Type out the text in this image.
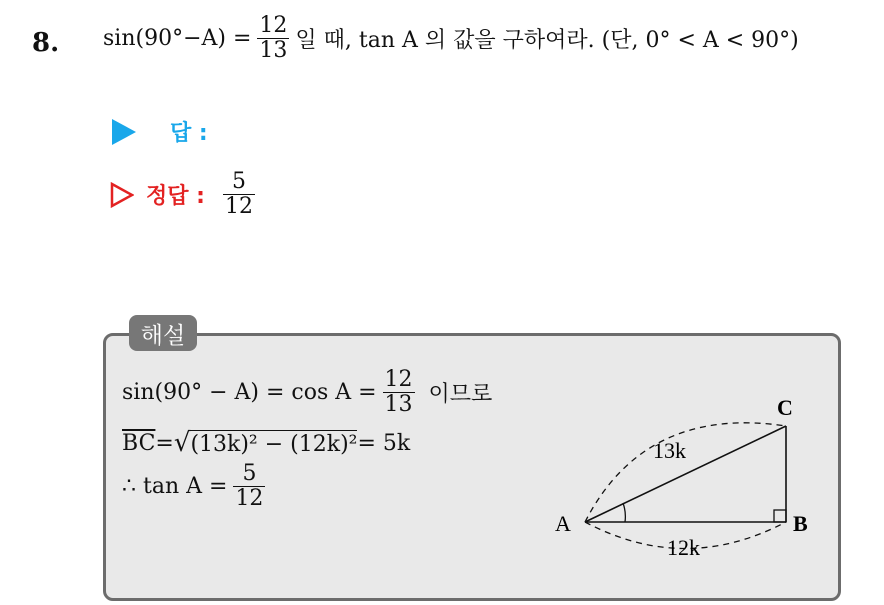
8. $\sin(90^\circ-A) = \frac{12}{13}$ 일 때, tan A 의 값을 구하여라. (단, 0° < A < 90°)
답 :
정답 : $\frac{5}{12}$
해설
$\sin(90^\circ - A) = \cos A = \frac{12}{13}$ 이므로
$\overline{BC}$ = √ (13k)² − (12k)² = 5k
∴ $\tan A = \frac{5}{12}$
A	B
C
13k
12k
